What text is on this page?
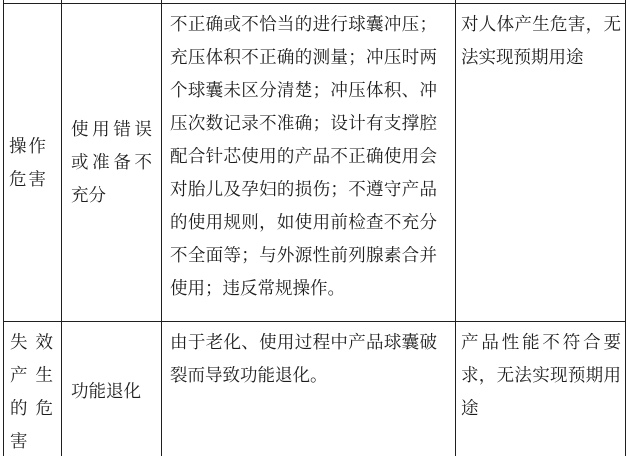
操作危害	使用错误或准备不充分	不正确或不恰当的进行球囊冲压；充压体积不正确的测量；冲压时两个球囊未区分清楚；冲压体积、冲压次数记录不准确；设计有支撑腔配合针芯使用的产品不正确使用会对胎儿及孕妇的损伤；不遵守产品的使用规则，如使用前检查不充分不全面等；与外源性前列腺素合并使用；违反常规操作。	对人体产生危害，无法实现预期用途
失效产生的危害	功能退化	由于老化、使用过程中产品球囊破裂而导致功能退化。	产品性能不符合要求，无法实现预期用途
